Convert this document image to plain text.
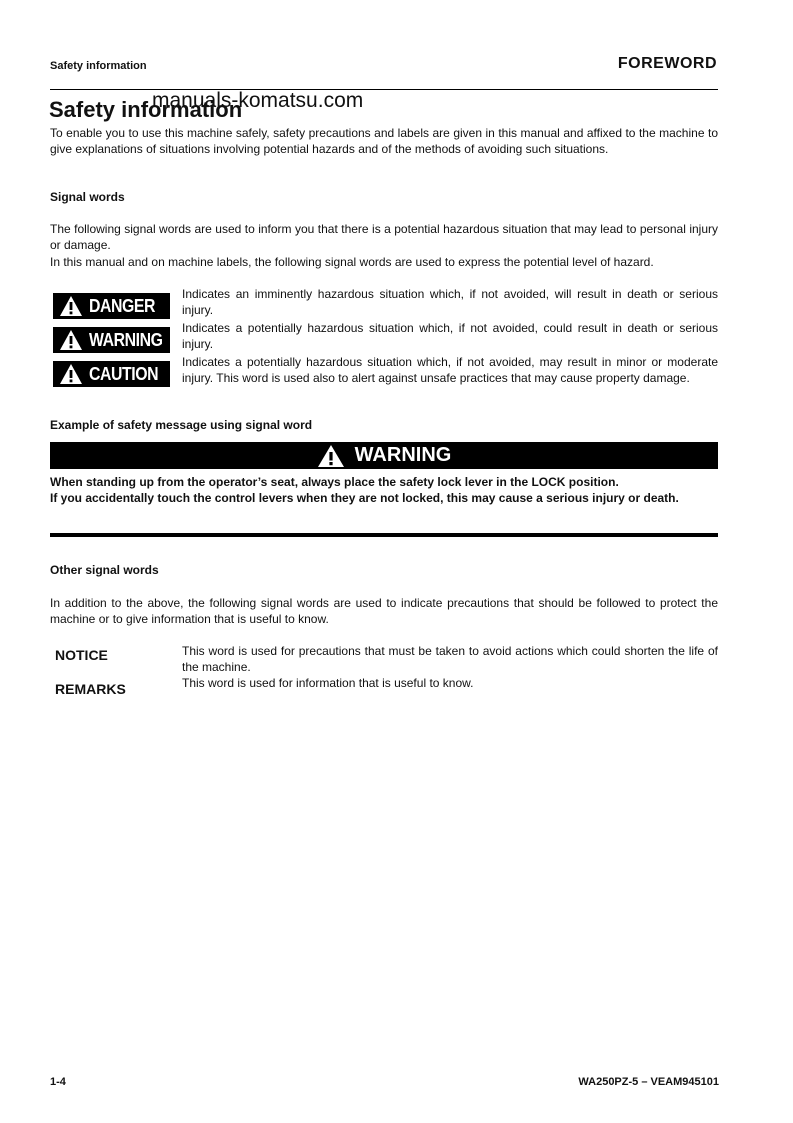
Safety information	FOREWORD
Safety information
manuals-komatsu.com
To enable you to use this machine safely, safety precautions and labels are given in this manual and affixed to the machine to give explanations of situations involving potential hazards and of the methods of avoiding such situations.
Signal words
The following signal words are used to inform you that there is a potential hazardous situation that may lead to personal injury or damage.
In this manual and on machine labels, the following signal words are used to express the potential level of hazard.
DANGER
Indicates an imminently hazardous situation which, if not avoided, will result in death or serious injury.
WARNING
Indicates a potentially hazardous situation which, if not avoided, could result in death or serious injury.
CAUTION
Indicates a potentially hazardous situation which, if not avoided, may result in minor or moderate injury. This word is used also to alert against unsafe practices that may cause property damage.
Example of safety message using signal word
WARNING
When standing up from the operator’s seat, always place the safety lock lever in the LOCK position.
If you accidentally touch the control levers when they are not locked, this may cause a serious injury or death.
Other signal words
In addition to the above, the following signal words are used to indicate precautions that should be followed to protect the machine or to give information that is useful to know.
NOTICE	This word is used for precautions that must be taken to avoid actions which could shorten the life of the machine.
REMARKS	This word is used for information that is useful to know.
1-4	WA250PZ-5 – VEAM945101
